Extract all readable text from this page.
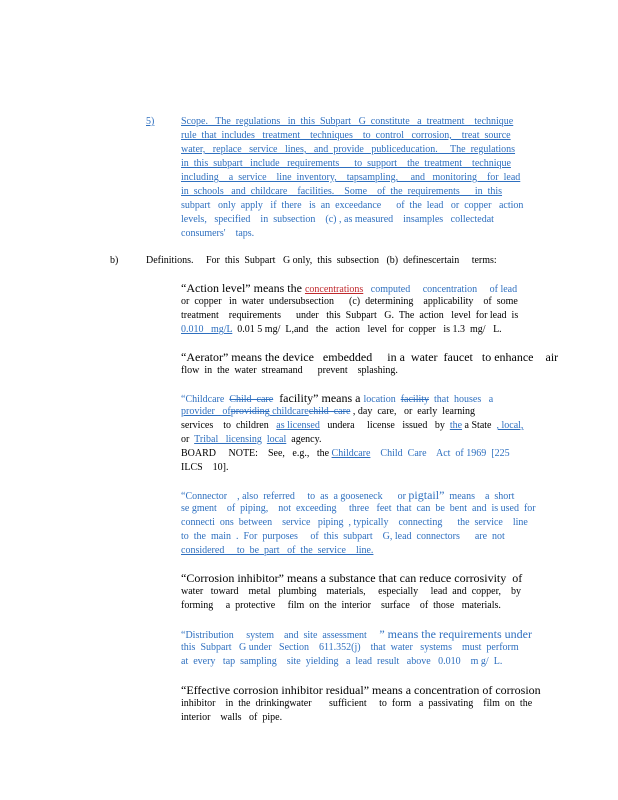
5)	Scope.   The  regulations   in  this  Subpart   G  constitute   a  treatment    technique
rule  that  includes   treatment    techniques    to  control   corrosion,    treat  source
water,   replace   service   lines,   and  provide   publiceducation.     The  regulations
in  this  subpart   include   requirements      to  support    the  treatment    technique
including    a  service    line  inventory,    tapsampling,     and   monitoring    for  lead
in  schools   and  childcare    facilities.    Some    of  the  requirements      in  this
subpart   only  apply   if  there   is  an  exceedance      of  the  lead   or  copper   action
levels,   specified    in  subsection    (c) , as measured    insamples   collectedat
consumers'    taps.
b)	Definitions.     For  this  Subpart   G only,  this  subsection   (b)  definescertain     terms:
“Action level” means the concentrations   computed     concentration     of lead
or  copper   in  water  undersubsection      (c)  determining    applicability    of  some
treatment    requirements      under   this  Subpart   G.  The  action   level  for lead  is
0.010   mg/L  0.01 5 mg/  L,and   the   action   level  for  copper   is 1.3  mg/   L.
“Aerator” means the device   embedded     in a  water  faucet   to enhance    air
flow  in  the  water  streamand      prevent    splashing.
“Childcare  Child  care  facility” means a location  facility  that  houses   a
provider   ofproviding childcarechild  care , day  care,   or  early  learning
services    to  children   as licensed   undera     license   issued   by  the a State  , local,
or  Tribal   licensing local  agency.
BOARD     NOTE:    See,   e.g.,   the Childcare    Child  Care    Act  of 1969  [225
ILCS    10].
“Connector    , also  referred     to  as  a gooseneck      or pigtail”  means    a  short
se gment    of  piping,    not  exceeding     three   feet  that  can  be  bent  and  is used  for
connecti  ons  between    service   piping  , typically    connecting      the  service    line
to  the  main  .  For  purposes     of  this  subpart    G, lead  connectors      are  not
considered     to  be  part   of  the  service    line.
“Corrosion inhibitor” means a substance that can reduce corrosivity  of
water   toward    metal   plumbing    materials,     especially     lead  and  copper,    by
forming     a  protective     film  on  the  interior    surface    of  those   materials.
“Distribution     system    and  site  assessment     ” means the requirements under
this  Subpart   G under   Section    611.352(j)    that  water   systems    must  perform
at  every   tap  sampling    site  yielding   a  lead  result   above   0.010    m g/  L.
“Effective corrosion inhibitor residual” means a concentration of corrosion
inhibitor    in  the  drinkingwater       sufficient     to  form   a  passivating    film  on  the
interior    walls   of  pipe.
